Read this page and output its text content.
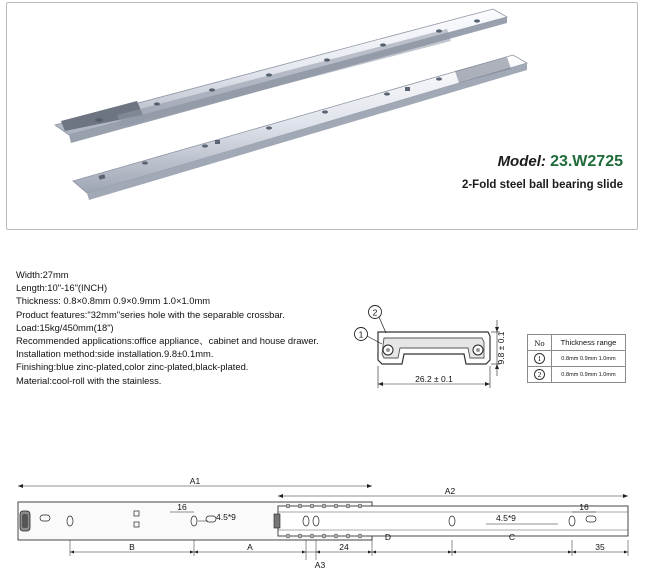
Model: 23.W2725
2-Fold steel ball bearing slide
Width:27mm
Length:10"-16"(INCH)
Thickness: 0.8×0.8mm 0.9×0.9mm 1.0×1.0mm
Product features:"32mm"series hole with the separable crossbar.
Load:15kg/450mm(18")
Recommended applications:office appliance、cabinet and house drawer.
Installation method:side installation.9.8±0.1mm.
Finishing:blue zinc-plated,color zinc-plated,black-plated.
Material:cool-roll with the stainless.
2
1
26.2 ± 0.1
9.8 ± 0.1	No	Thickness range
1	0.8mm 0.9mm 1.0mm
2	0.8mm 0.9mm 1.0mm
A1
A2
16	16
4.5*9	4.5*9
B	A	24
D	C
35
A3
